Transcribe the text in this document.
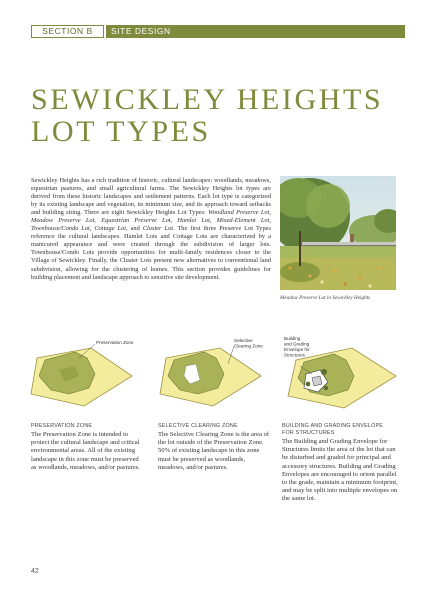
SECTION B	SITE DESIGN
SEWICKLEY HEIGHTS
LOT TYPES
Sewickley Heights has a rich tradition of historic, cultural landscapes: woodlands, meadows, equestrian pastures, and small agricultural farms. The Sewickley Heights lot types are derived from these historic landscapes and settlement patterns. Each lot type is categorized by its existing landscape and vegetation, its minimum size, and its approach toward setbacks and building siting. There are eight Sewickley Heights Lot Types: Woodland Preserve Lot, Meadow Preserve Lot, Equestrian Preserve Lot, Hamlet Lot, Mixed-Element Lot, Townhouse/Condo Lot, Cottage Lot, and Cluster Lot. The first three Preserve Lot Types reference the cultural landscapes. Hamlet Lots and Cottage Lots are characterized by a manicured appearance and were created through the subdivision of larger lots. Townhouse/Condo Lots provide opportunities for multi-family residences closer to the Village of Sewickley. Finally, the Cluster Lots present new alternatives to conventional land subdivision, allowing for the clustering of homes. This section provides guidelines for building placement and landscape approach to sensitive site development.
Meadow Preserve Lot in Sewickley Heights
Preservation Zone	Selective
Clearing Zone
Building
and Grading
Envelope for
Structures
PRESERVATION ZONE
The Preservation Zone is intended to protect the cultural landscape and critical environmental areas. All of the existing landscape in this zone must be preserved as woodlands, meadows, and/or pastures.
SELECTIVE CLEARING ZONE
The Selective Clearing Zone is the area of the lot outside of the Preservation Zone. 50% of existing landscape in this zone must be preserved as woodlands, meadows, and/or pastures.
BUILDING AND GRADING ENVELOPE
FOR STRUCTURES
The Building and Grading Envelope for Structures limits the area of the lot that can be disturbed and graded for principal and accessory structures. Building and Grading Envelopes are encouraged to orient parallel to the grade, maintain a minimum footprint, and may be split into multiple envelopes on the same lot.
42
